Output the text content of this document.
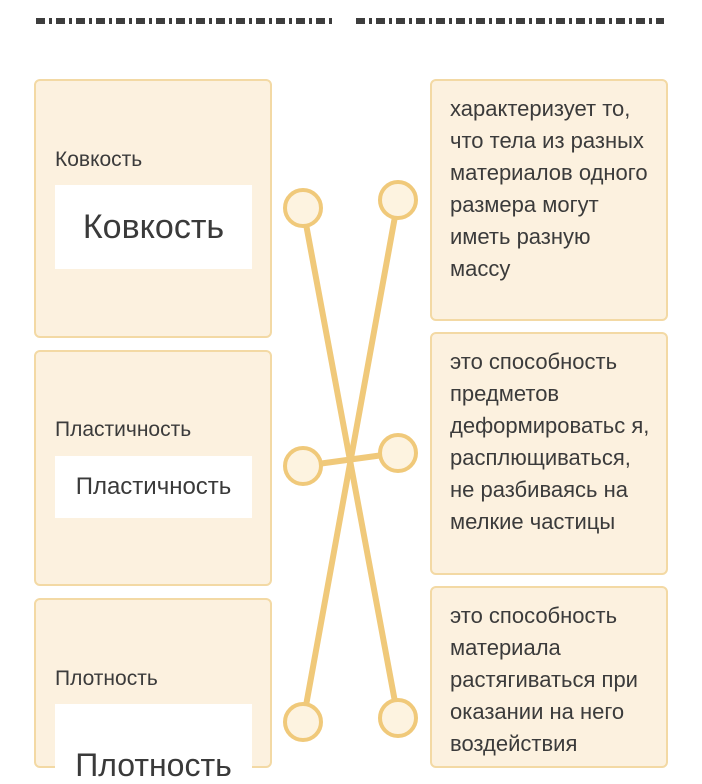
Ковкость
Ковкость
Пластичность
Пластичность
Плотность
Плотность
характеризует то, что тела из разных материалов одного размера могут иметь разную массу
это способность предметов деформироватьс я, расплющиваться, не разбиваясь на мелкие частицы
это способность материала растягиваться при оказании на него воздействия
